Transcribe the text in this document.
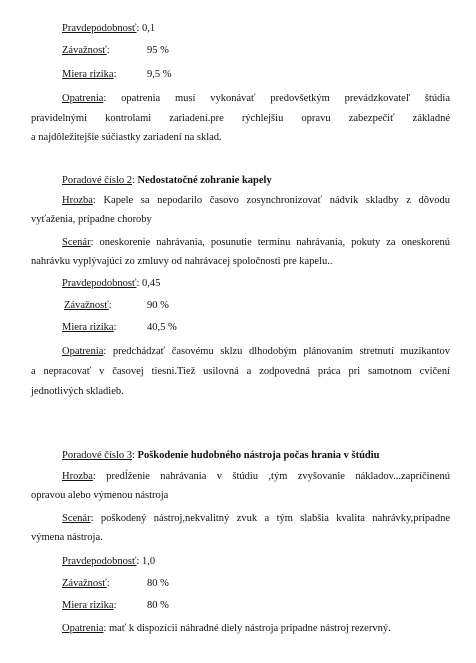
Pravdepodobnosť: 0,1
Závažnosť:	95 %
Miera rizika:	9,5 %
Opatrenia: opatrenia musí vykonávať predovšetkým prevádzkovateľ štúdia
pravidelnými kontrolami zariadení.pre rýchlejšiu opravu zabezpečiť základné
a najdôležitejšie súčiastky zariadení na sklad.
Poradové číslo 2: Nedostatočné zohranie kapely
Hrozba: Kapele sa nepodarilo časovo zosynchronizovať nádvik skladby z dôvodu
vyťaženia, prípadne choroby
Scenár: oneskorenie nahrávania, posunutie termínu nahrávania, pokuty za oneskorenú
nahrávku vyplývajúci zo zmluvy od nahrávacej spoločnosti pre kapelu..
Pravdepodobnosť: 0,45
Závažnosť:	90 %
Miera rizika:	40,5 %
Opatrenia: predchádzať časovému sklzu dlhodobým plánovaním stretnutí muzikantov
a nepracovať v časovej tiesni.Tiež usilovná a zodpovedná práca pri samotnom cvičení
jednotlivých skladieb.
Poradové číslo 3: Poškodenie hudobného nástroja počas hrania v štúdiu
Hrozba: predĺženie nahrávania v štúdiu ,tým zvyšovanie nákladov...zapríčinenú
opravou alebo výmenou nástroja
Scenár: poškodený nástroj,nekvalitný zvuk a tým slabšia kvalita nahrávky,prípadne
výmena nástroja.
Pravdepodobnosť: 1,0
Závažnosť:	80 %
Miera rizika:	80 %
Opatrenia: mať k dispozícii náhradné diely nástroja prípadne nástroj rezervný.
